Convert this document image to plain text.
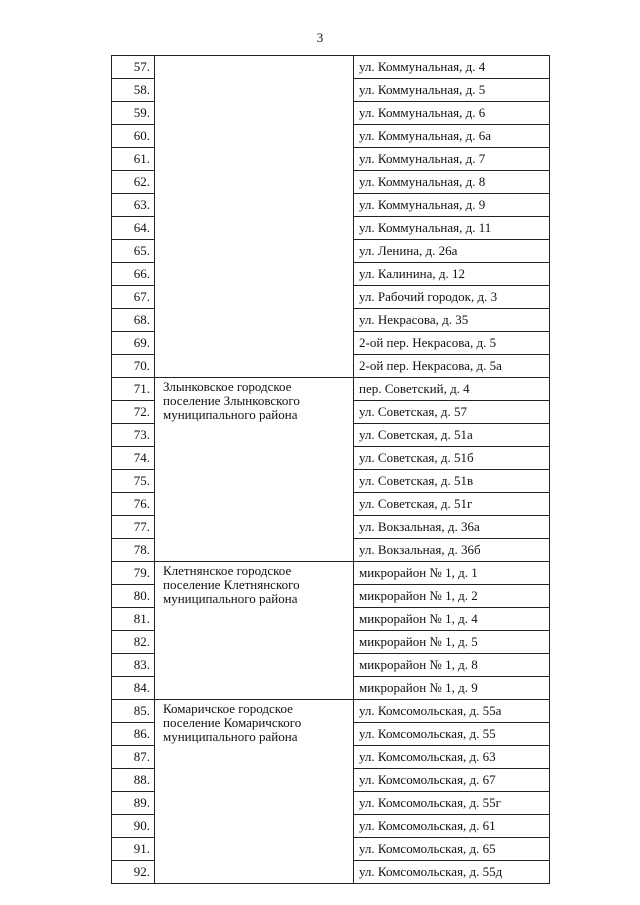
3
57.		ул. Коммунальная, д. 4
58.		ул. Коммунальная, д. 5
59.		ул. Коммунальная, д. 6
60.		ул. Коммунальная, д. 6а
61.		ул. Коммунальная, д. 7
62.		ул. Коммунальная, д. 8
63.		ул. Коммунальная, д. 9
64.		ул. Коммунальная, д. 11
65.		ул. Ленина, д. 26а
66.		ул. Калинина, д. 12
67.		ул. Рабочий городок, д. 3
68.		ул. Некрасова, д. 35
69.		2-ой пер. Некрасова, д. 5
70.		2-ой пер. Некрасова, д. 5а
71.	Злынковское городское поселение Злынковского муниципального района	пер. Советский, д. 4
72.		ул. Советская, д. 57
73.		ул. Советская, д. 51а
74.		ул. Советская, д. 51б
75.		ул. Советская, д. 51в
76.		ул. Советская, д. 51г
77.		ул. Вокзальная, д. 36а
78.		ул. Вокзальная, д. 36б
79.	Клетнянское городское поселение Клетнянского муниципального района	микрорайон № 1, д. 1
80.		микрорайон № 1, д. 2
81.		микрорайон № 1, д. 4
82.		микрорайон № 1, д. 5
83.		микрорайон № 1, д. 8
84.		микрорайон № 1, д. 9
85.	Комаричское городское поселение Комаричского муниципального района	ул. Комсомольская, д. 55а
86.		ул. Комсомольская, д. 55
87.		ул. Комсомольская, д. 63
88.		ул. Комсомольская, д. 67
89.		ул. Комсомольская, д. 55г
90.		ул. Комсомольская, д. 61
91.		ул. Комсомольская, д. 65
92.		ул. Комсомольская, д. 55д
